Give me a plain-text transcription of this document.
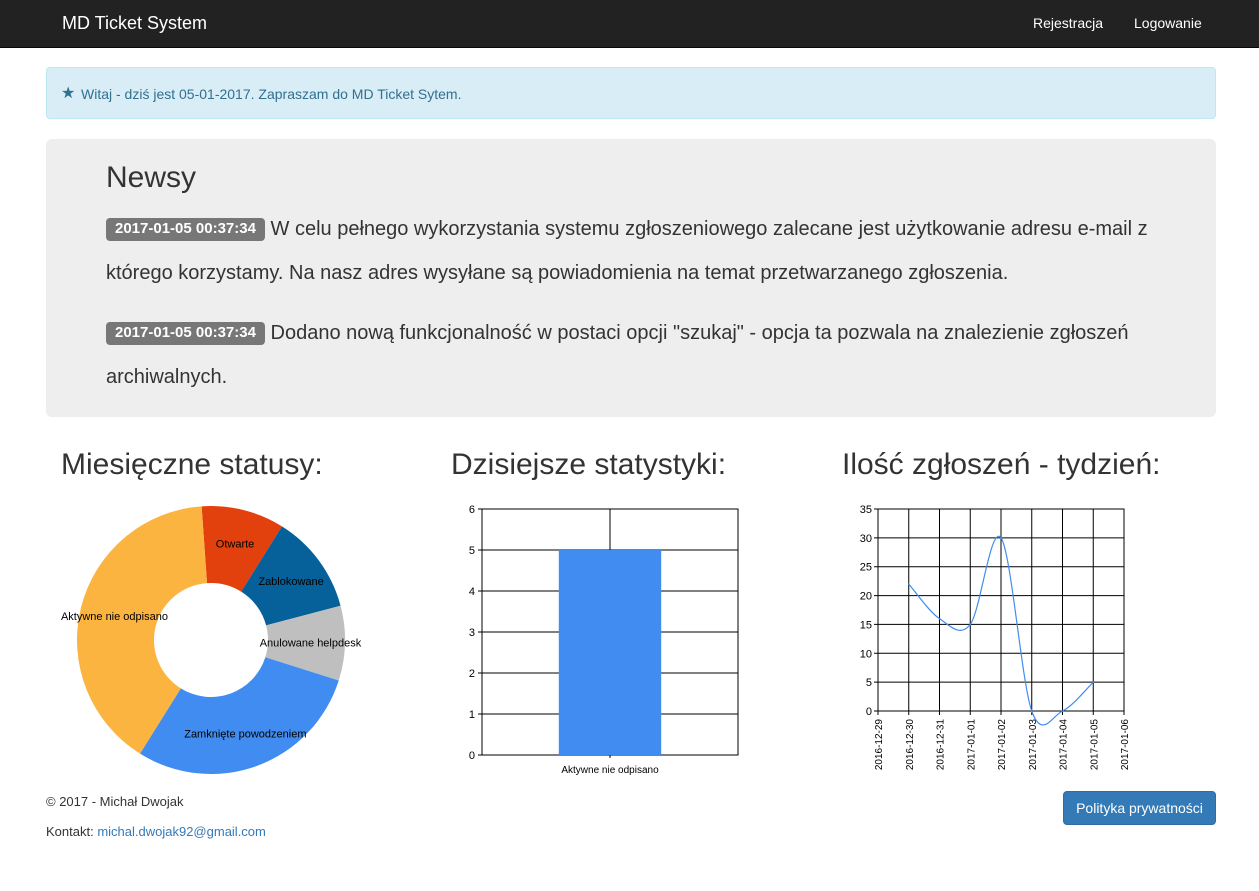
MD Ticket System	Rejestracja Logowanie
★ Witaj - dziś jest 05-01-2017. Zapraszam do MD Ticket Sytem.
Newsy
2017-01-05 00:37:34 W celu pełnego wykorzystania systemu zgłoszeniowego zalecane jest użytkowanie adresu e-mail z którego korzystamy. Na nasz adres wysyłane są powiadomienia na temat przetwarzanego zgłoszenia.
2017-01-05 00:37:34 Dodano nową funkcjonalność w postaci opcji "szukaj" - opcja ta pozwala na znalezienie zgłoszeń archiwalnych.
Miesięczne statusy:	Dzisiejsze statystyki:	Ilość zgłoszeń - tydzień:
Otwarte
Zablokowane
Anulowane helpdesk
Zamknięte powodzeniem
Aktywne nie odpisano
0
1
2
3
4
5
6
Aktywne nie odpisano
0
5
10
15
20
25
30
35
2016-12-29 2016-12-30 2016-12-31 2017-01-01 2017-01-02 2017-01-03 2017-01-04 2017-01-05 2017-01-06
© 2017 - Michał Dwojak
Kontakt: michal.dwojak92@gmail.com
Polityka prywatności
